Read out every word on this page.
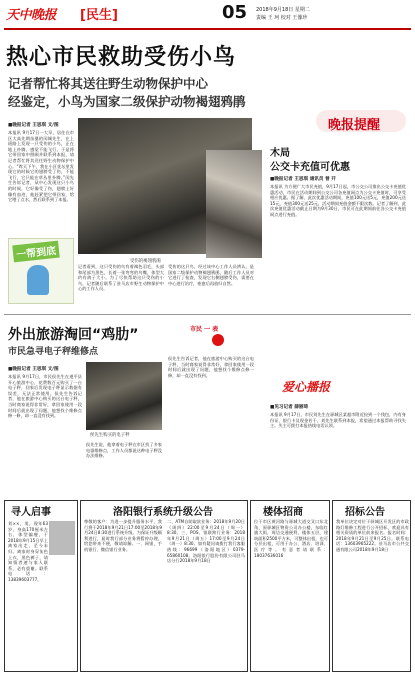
天中晚报 [民生]	05 2018年9月18日 星期二
责编 王 珂 校对 王豫珍
热心市民救助受伤小鸟
记者帮忙将其送往野生动物保护中心
经鉴定，小鸟为国家二级保护动物褐翅鸦鹃
■晚报记者 王思琪 文/图
本报讯 9月17日一大早，居住在市区大高先期苗暴的闵城先生，在上班路上发现一只受伤的小鸟，正在地上扑腾，感觉不能飞行，于是将它带回家中照顾并联系到本报，请记者帮忙将其送往野生动物保护中心。“昨天下午，我在小区花坛里发现它的时候它的翅膀受了伤，不能飞行，它只能在草丛里扑腾。”闵先生告诉记者，从中心发现这只小鸟的时候，它好像受了伤，翅膀上好像有血迹，他赶紧把它带回家，给它喂了点水，然后联系到了本报。
受伤的褐翅鸦鹃
一帮到底
记者看到，这只受伤的鸟有着褐色羽毛，头部和尾部为黑色，长着一张弯弯的鸟嘴，体型大约有鸽子大小。为了尽快帮助这只受伤的小鸟，记者随后联系了驻马店市野生动物保护中心的工作人员。
受伤的这只鸟，经过该中心工作人员辨认，是国家二级保护动物褐翅鸦鹃，随后工作人员对它进行了检查，发现它右侧翅膀受伤，需要在中心进行治疗，痊愈后再放归自然。
晚报提醒
木局
公交卡充值可优惠
■晚报记者 王思琪 通讯员 曾 开
本报讯 为方便广大市民充值，9月17日起，市公交公司推出公交卡充值优惠活动，市民在活动期间到公交公司各充值网点为公交卡充值时，可享受相应优惠。据了解，此次优惠活动期间，充值100元送5元，充值200元送15元，充值300元送25元，活动期间充值金额不限次数。记者了解到，此次充值优惠活动截止日期为9月30日，市民可在此期间前往各公交卡充值网点进行充值。
外出旅游淘回“鸡肋”
市民急寻电子秤维修点
市民 一 表
■晚报记者 王思琪 文/图
本报讯 9月17日，市民侯先生在遂平县开心旅游中心，花费数百元购买了一台电子秤，回家后发现电子秤显示数据有误差，无法正常使用。侯先生告诉记者，他在旅游中心购买的这台电子秤，当时商家说得非常好，拿回家使用一段时间后就出现了问题，他想找个维修点修一修，却一直没有找到。
侯先生购买的电子秤
侯先生说，他拿着电子秤在市区找了多家电器维修点，工作人员都说这种电子秤没办法维修。
侯先生告诉记者，他在旅游中心购买的这台电子秤，当时商家说得非常好，拿回家使用一段时间后就出现了问题，他想找个维修点修一修，却一直没有找到。
爱心播报
■见习记者 薛丽琦
本报讯 9月17日，市民刘先生在驿城区某超市附近捡到一个钱包，内有身份证、银行卡及现金若干，刘先生联系到本报，希望通过本报帮助寻找失主。失主可拨打本报热线电话认领。
寻人启事
刘××，男，现年63岁，身高170厘米左右，体型偏瘦，于2018年9月15日早上离家出走，至今未归。离家时身穿灰色上衣，黑色裤子，请知情者速与家人联系，必有重谢。联系电话：13839603777。
洛阳银行系统升级公告
尊敬的客户：为进一步提升服务水平，我行将于2018年9月21日17:00至2018年9月24日8:30进行系统升级。为保证升级顺利进行，届时我行部分业务将暂停办理，给您带来不便，敬请谅解。一、网银、手机银行、微信银行业务。
二、ATM自助取款业务：2018年9月20日（周四）22:00至9月24日（周一）8:30。三、POS、银联跨行业务：2018年9月21日（周五）17:00至9月24日（周一）8:30。如有疑问请拨打我行客服热线：96699（洛阳地区）0379-65860108。洛阳银行股份有限公司驻马店分行2018年9月18日
楼体招商
位于市区黄河路与驿城大道交叉口东北角，原驿城区物资公司办公楼，东临红旗大街，周边交通便利，楼体五层，建筑面积2500平方米，可整体出租，也可分层出租，可用于办公、酒店、培训、医疗等。有意者请联系：18037636016
招标公告
我单位决定对位于驿城区开发区的市政路灯维修工程进行公开招标，欢迎具有相关资质的单位前来报名。报名时间：2018年9月21日至9月25日。联系电话：13603965222。驻马店市公共交通有限公司2018年9月18日
